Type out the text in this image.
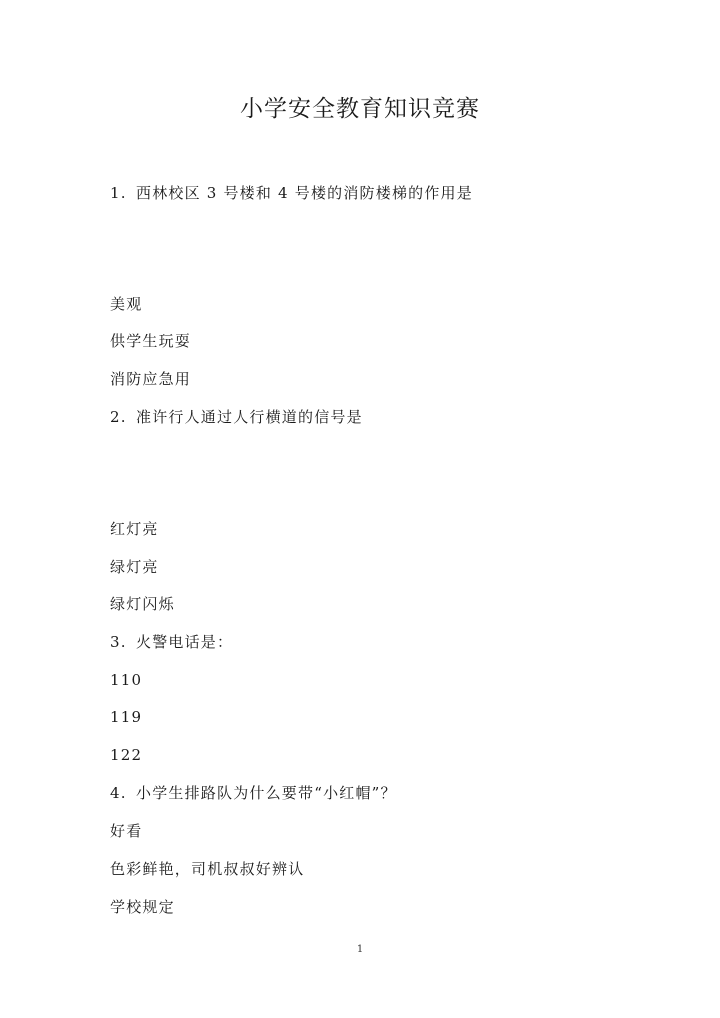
小学安全教育知识竞赛
1. 西林校区 3 号楼和 4 号楼的消防楼梯的作用是
美观
供学生玩耍
消防应急用
2. 准许行人通过人行横道的信号是
红灯亮
绿灯亮
绿灯闪烁
3. 火警电话是：
110
119
122
4. 小学生排路队为什么要带“小红帽”？
好看
色彩鲜艳，司机叔叔好辨认
学校规定
1
